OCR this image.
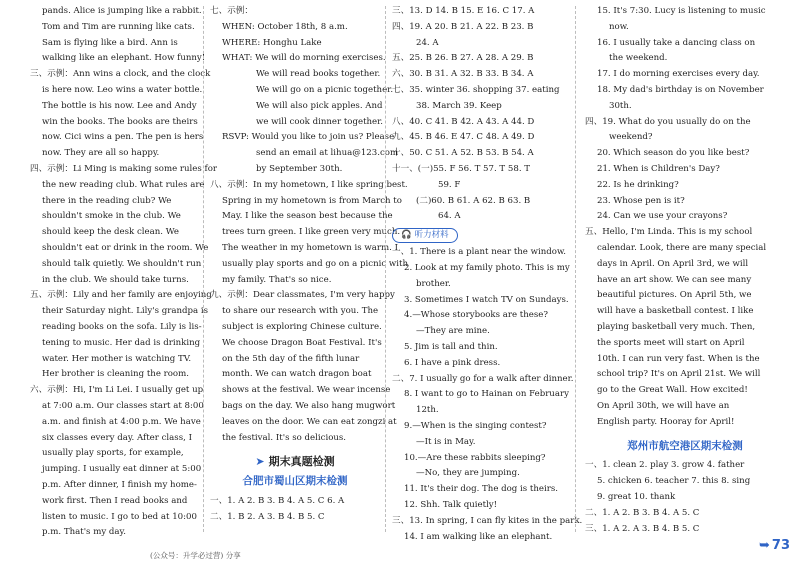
pands. Alice is jumping like a rabbit.
Tom and Tim are running like cats.
Sam is flying like a bird. Ann is
walking like an elephant. How funny!
三、示例：Ann wins a clock, and the clock
is here now. Leo wins a water bottle.
The bottle is his now. Lee and Andy
win the books. The books are theirs
now. Cici wins a pen. The pen is hers
now. They are all so happy.
四、示例：Li Ming is making some rules for
the new reading club. What rules are
there in the reading club? We
shouldn't smoke in the club. We
should keep the desk clean. We
shouldn't eat or drink in the room. We
should talk quietly. We shouldn't run
in the club. We should take turns.
五、示例：Lily and her family are enjoying
their Saturday night. Lily's grandpa is
reading books on the sofa. Lily is lis-
tening to music. Her dad is drinking
water. Her mother is watching TV.
Her brother is cleaning the room.
六、示例：Hi, I'm Li Lei. I usually get up
at 7:00 a.m. Our classes start at 8:00
a.m. and finish at 4:00 p.m. We have
six classes every day. After class, I
usually play sports, for example,
jumping. I usually eat dinner at 5:00
p.m. After dinner, I finish my home-
work first. Then I read books and
listen to music. I go to bed at 10:00
p.m. That's my day.
七、示例：
WHEN: October 18th, 8 a.m.
WHERE: Honghu Lake
WHAT: We will do morning exercises.
We will read books together.
We will go on a picnic together.
We will also pick apples. And
we will cook dinner together.
RSVP: Would you like to join us? Please
send an email at lihua@123.com
by September 30th.
八、示例：In my hometown, I like spring best.
Spring in my hometown is from March to
May. I like the season best because the
trees turn green. I like green very much.
The weather in my hometown is warm. I
usually play sports and go on a picnic with
my family. That's so nice.
九、示例：Dear classmates, I'm very happy
to share our research with you. The
subject is exploring Chinese culture.
We choose Dragon Boat Festival. It's
on the 5th day of the fifth lunar
month. We can watch dragon boat
shows at the festival. We wear incense
bags on the day. We also hang mugwort
leaves on the door. We can eat zongzi at
the festival. It's so delicious.
➤ 期末真题检测
合肥市蜀山区期末检测
一、1. A 2. B 3. B 4. A 5. C 6. A
二、1. B 2. A 3. B 4. B 5. C
三、13. D 14. B 15. E 16. C 17. A
四、19. A 20. B 21. A 22. B 23. B
24. A
五、25. B 26. B 27. A 28. A 29. B
六、30. B 31. A 32. B 33. B 34. A
七、35. winter 36. shopping 37. eating
38. March 39. Keep
八、40. C 41. B 42. A 43. A 44. D
九、45. B 46. E 47. C 48. A 49. D
十、50. C 51. A 52. B 53. B 54. A
十一、(一)55. F 56. T 57. T 58. T
59. F
(二)60. B 61. A 62. B 63. B
64. A
🎧 听力材料
一、1. There is a plant near the window.
2. Look at my family photo. This is my
brother.
3. Sometimes I watch TV on Sundays.
4.—Whose storybooks are these?
—They are mine.
5. Jim is tall and thin.
6. I have a pink dress.
二、7. I usually go for a walk after dinner.
8. I want to go to Hainan on February
12th.
9.—When is the singing contest?
—It is in May.
10.—Are these rabbits sleeping?
—No, they are jumping.
11. It's their dog. The dog is theirs.
12. Shh. Talk quietly!
三、13. In spring, I can fly kites in the park.
14. I am walking like an elephant.
15. It's 7:30. Lucy is listening to music
now.
16. I usually take a dancing class on
the weekend.
17. I do morning exercises every day.
18. My dad's birthday is on November
30th.
四、19. What do you usually do on the
weekend?
20. Which season do you like best?
21. When is Children's Day?
22. Is he drinking?
23. Whose pen is it?
24. Can we use your crayons?
五、Hello, I'm Linda. This is my school
calendar. Look, there are many special
days in April. On April 3rd, we will
have an art show. We can see many
beautiful pictures. On April 5th, we
will have a basketball contest. I like
playing basketball very much. Then,
the sports meet will start on April
10th. I can run very fast. When is the
school trip? It's on April 21st. We will
go to the Great Wall. How excited!
On April 30th, we will have an
English party. Hooray for April!
郑州市航空港区期末检测
一、1. clean 2. play 3. grow 4. father
5. chicken 6. teacher 7. this 8. sing
9. great 10. thank
二、1. A 2. B 3. B 4. A 5. C
三、1. A 2. A 3. B 4. B 5. C
(公众号：升学必过营) 分享
➥ 73
